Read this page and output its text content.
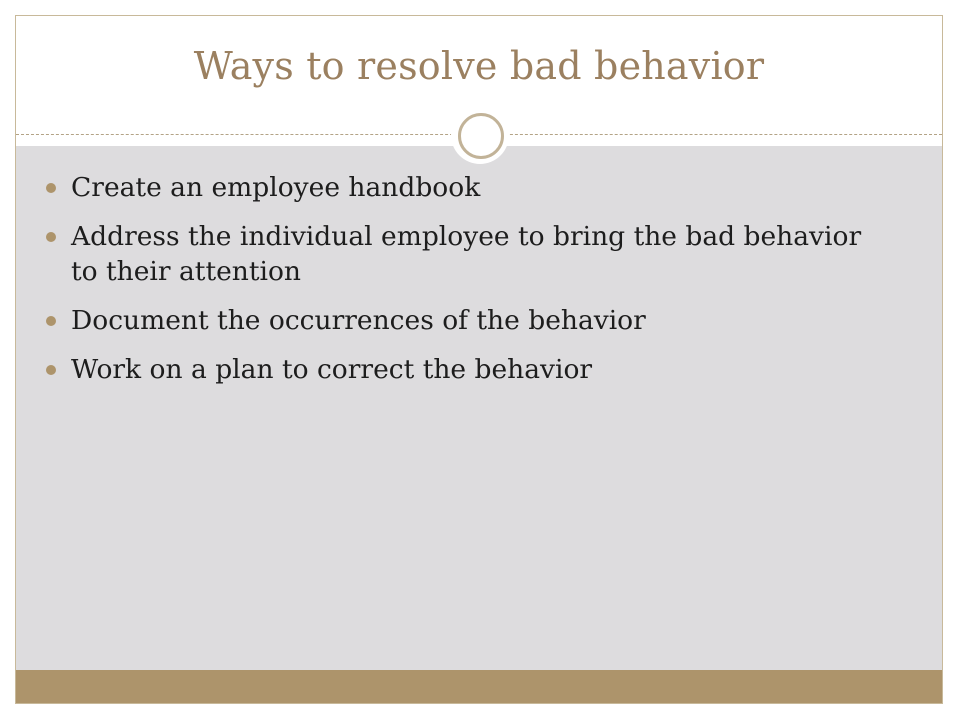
Ways to resolve bad behavior
Create an employee handbook
Address the individual employee to bring the bad behavior to their attention
Document the occurrences of the behavior
Work on a plan to correct the behavior
